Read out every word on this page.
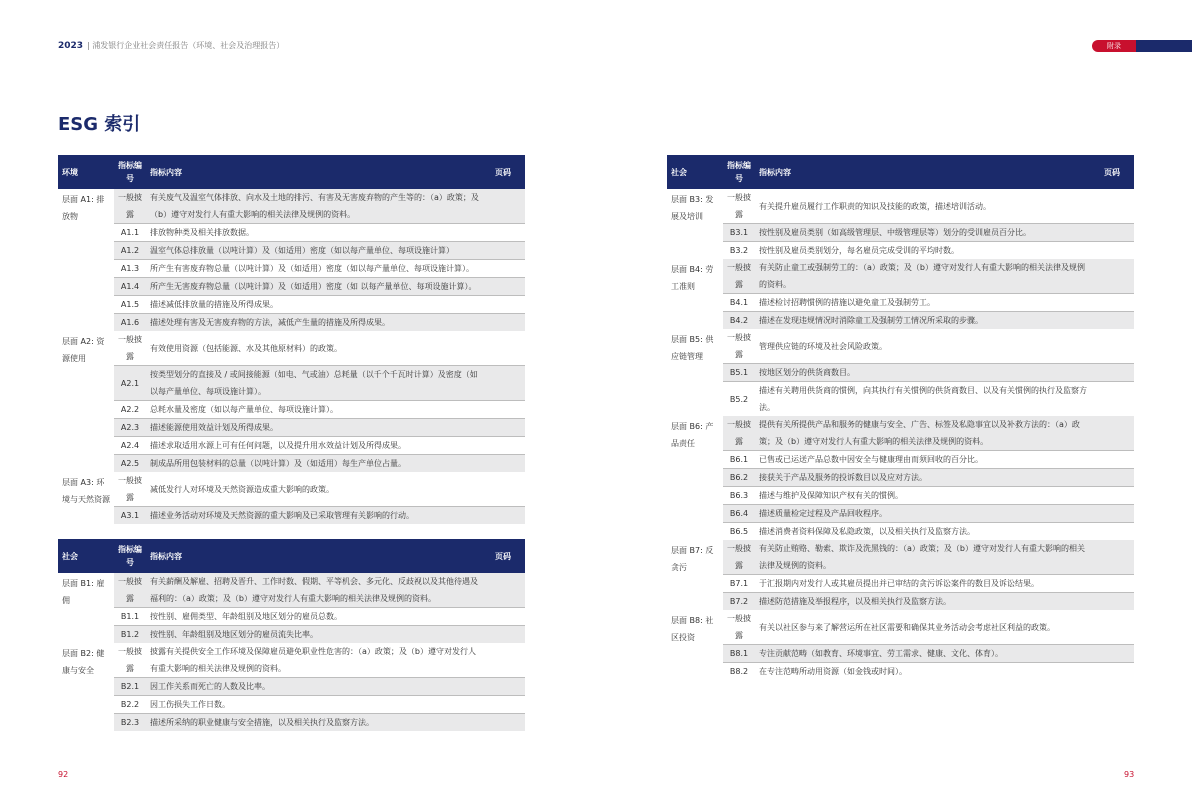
2023 | 浦发银行企业社会责任报告（环境、社会及治理报告）	附录
ESG 索引
环境	指标编号	指标内容	页码
层面 A1: 排放物	一般披露	有关废气及温室气体排放、向水及土地的排污、有害及无害废弃物的产生等的：（a）政策；及（b）遵守对发行人有重大影响的相关法律及规例的资料。	
	A1.1	排放物种类及相关排放数据。	
	A1.2	温室气体总排放量（以吨计算）及（如适用）密度（如以每产量单位、每项设施计算）	
	A1.3	所产生有害废弃物总量（以吨计算）及（如适用）密度（如以每产量单位、每项设施计算）。	
	A1.4	所产生无害废弃物总量（以吨计算）及（如适用）密度（如 以每产量单位、每项设施计算）。	
	A1.5	描述减低排放量的措施及所得成果。	
	A1.6	描述处理有害及无害废弃物的方法，减低产生量的措施及所得成果。	
层面 A2: 资源使用	一般披露	有效使用资源（包括能源、水及其他原材料）的政策。	
	A2.1	按类型划分的直接及 / 或间接能源（如电、气或油）总耗量（以千个千瓦时计算）及密度（如以每产量单位、每项设施计算）。	
	A2.2	总耗水量及密度（如以每产量单位、每项设施计算）。	
	A2.3	描述能源使用效益计划及所得成果。	
	A2.4	描述求取适用水源上可有任何问题，以及提升用水效益计划及所得成果。	
	A2.5	制成品所用包装材料的总量（以吨计算）及（如适用）每生产单位占量。	
层面 A3: 环境与天然资源	一般披露	减低发行人对环境及天然资源造成重大影响的政策。	
	A3.1	描述业务活动对环境及天然资源的重大影响及已采取管理有关影响的行动。	
社会	指标编号	指标内容	页码
层面 B1: 雇佣	一般披露	有关薪酬及解雇、招聘及晋升、工作时数、假期、平等机会、多元化、反歧视以及其他待遇及福利的：（a）政策；及（b）遵守对发行人有重大影响的相关法律及规例的资料。	
	B1.1	按性别、雇佣类型、年龄组别及地区划分的雇员总数。	
	B1.2	按性别、年龄组别及地区划分的雇员流失比率。	
层面 B2: 健康与安全	一般披露	披露有关提供安全工作环境及保障雇员避免职业性危害的：（a）政策；及（b）遵守对发行人有重大影响的相关法律及规例的资料。	
	B2.1	因工作关系而死亡的人数及比率。	
	B2.2	因工伤损失工作日数。	
	B2.3	描述所采纳的职业健康与安全措施，以及相关执行及监察方法。	
社会	指标编号	指标内容	页码
层面 B3: 发展及培训	一般披露	有关提升雇员履行工作职责的知识及技能的政策，描述培训活动。	
	B3.1	按性别及雇员类别（如高级管理层、中级管理层等）划分的受训雇员百分比。	
	B3.2	按性别及雇员类别划分，每名雇员完成受训的平均时数。	
层面 B4: 劳工准则	一般披露	有关防止童工或强制劳工的：（a）政策；及（b）遵守对发行人有重大影响的相关法律及规例的资料。	
	B4.1	描述检讨招聘惯例的措施以避免童工及强制劳工。	
	B4.2	描述在发现违规情况时消除童工及强制劳工情况所采取的步骤。	
层面 B5: 供应链管理	一般披露	管理供应链的环境及社会风险政策。	
	B5.1	按地区划分的供货商数目。	
	B5.2	描述有关聘用供货商的惯例，向其执行有关惯例的供货商数目、以及有关惯例的执行及监察方法。	
层面 B6: 产品责任	一般披露	提供有关所提供产品和服务的健康与安全、广告、标签及私隐事宜以及补救方法的：（a）政策；及（b）遵守对发行人有重大影响的相关法律及规例的资料。	
	B6.1	已售或已运送产品总数中因安全与健康理由而须回收的百分比。	
	B6.2	接获关于产品及服务的投诉数目以及应对方法。	
	B6.3	描述与维护及保障知识产权有关的惯例。	
	B6.4	描述质量检定过程及产品回收程序。	
	B6.5	描述消费者资料保障及私隐政策，以及相关执行及监察方法。	
层面 B7: 反贪污	一般披露	有关防止贿赂、勒索、欺诈及洗黑钱的：（a）政策；及（b）遵守对发行人有重大影响的相关法律及规例的资料。	
	B7.1	于汇报期内对发行人或其雇员提出并已审结的贪污诉讼案件的数目及诉讼结果。	
	B7.2	描述防范措施及举报程序，以及相关执行及监察方法。	
层面 B8: 社区投资	一般披露	有关以社区参与来了解营运所在社区需要和确保其业务活动会考虑社区利益的政策。	
	B8.1	专注贡献范畴（如教育、环境事宜、劳工需求、健康、文化、体育）。	
	B8.2	在专注范畴所动用资源（如金钱或时间）。	
92	93
